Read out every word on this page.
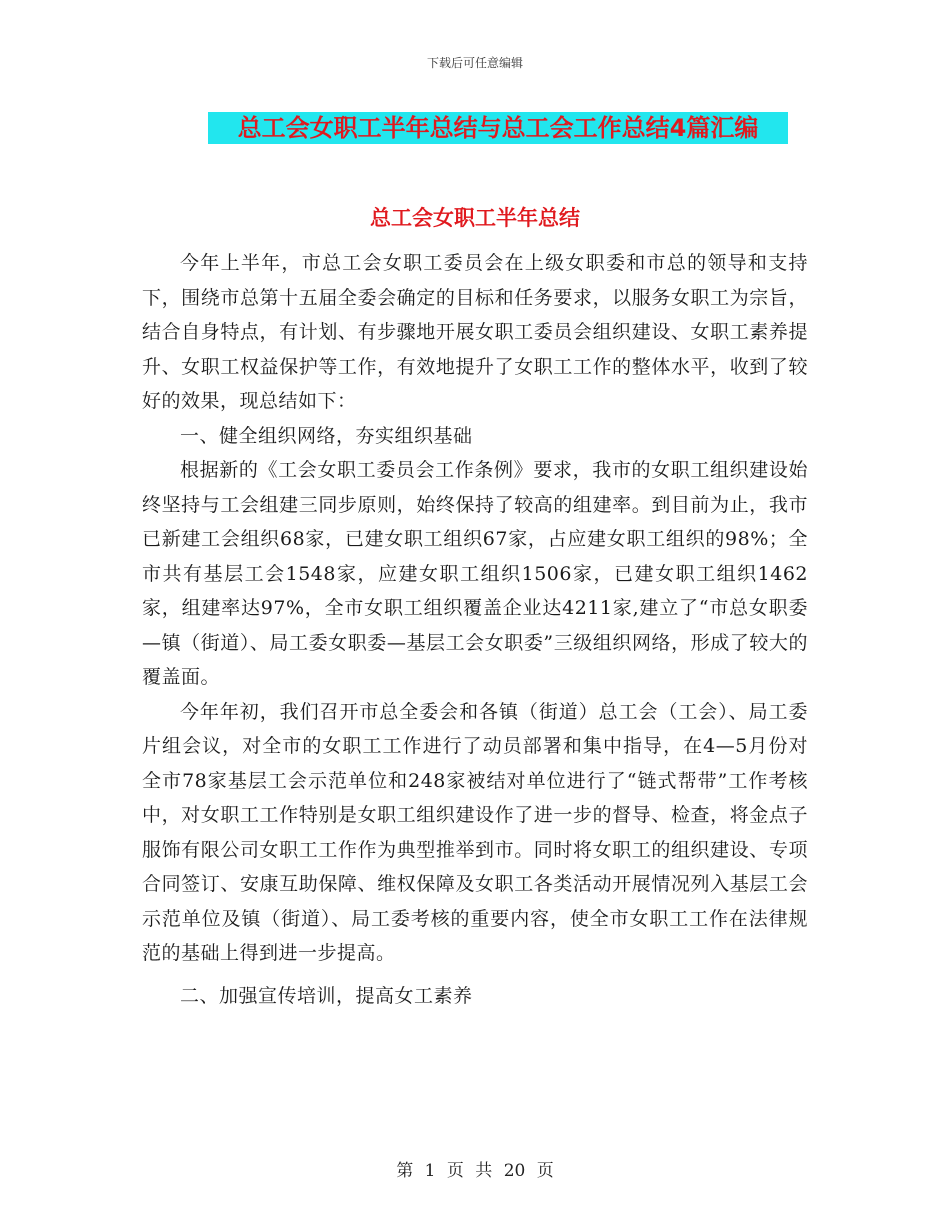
下载后可任意编辑
总工会女职工半年总结与总工会工作总结4篇汇编
总工会女职工半年总结

今年上半年，市总工会女职工委员会在上级女职委和市总的领导和支持下，围绕市总第十五届全委会确定的目标和任务要求，以服务女职工为宗旨，结合自身特点，有计划、有步骤地开展女职工委员会组织建设、女职工素养提升、女职工权益保护等工作，有效地提升了女职工工作的整体水平，收到了较好的效果，现总结如下：

一、健全组织网络，夯实组织基础

根据新的《工会女职工委员会工作条例》要求，我市的女职工组织建设始终坚持与工会组建三同步原则，始终保持了较高的组建率。到目前为止，我市已新建工会组织68家，已建女职工组织67家，占应建女职工组织的98%；全市共有基层工会1548家，应建女职工组织1506家，已建女职工组织1462家，组建率达97%，全市女职工组织覆盖企业达4211家,建立了“市总女职委—镇（街道）、局工委女职委—基层工会女职委”三级组织网络，形成了较大的覆盖面。

今年年初，我们召开市总全委会和各镇（街道）总工会（工会）、局工委片组会议，对全市的女职工工作进行了动员部署和集中指导，在4—5月份对全市78家基层工会示范单位和248家被结对单位进行了“链式帮带”工作考核中，对女职工工作特别是女职工组织建设作了进一步的督导、检查，将金点子服饰有限公司女职工工作作为典型推举到市。同时将女职工的组织建设、专项合同签订、安康互助保障、维权保障及女职工各类活动开展情况列入基层工会示范单位及镇（街道）、局工委考核的重要内容，使全市女职工工作在法律规范的基础上得到进一步提高。

二、加强宣传培训，提高女工素养

第 1 页 共 20 页
